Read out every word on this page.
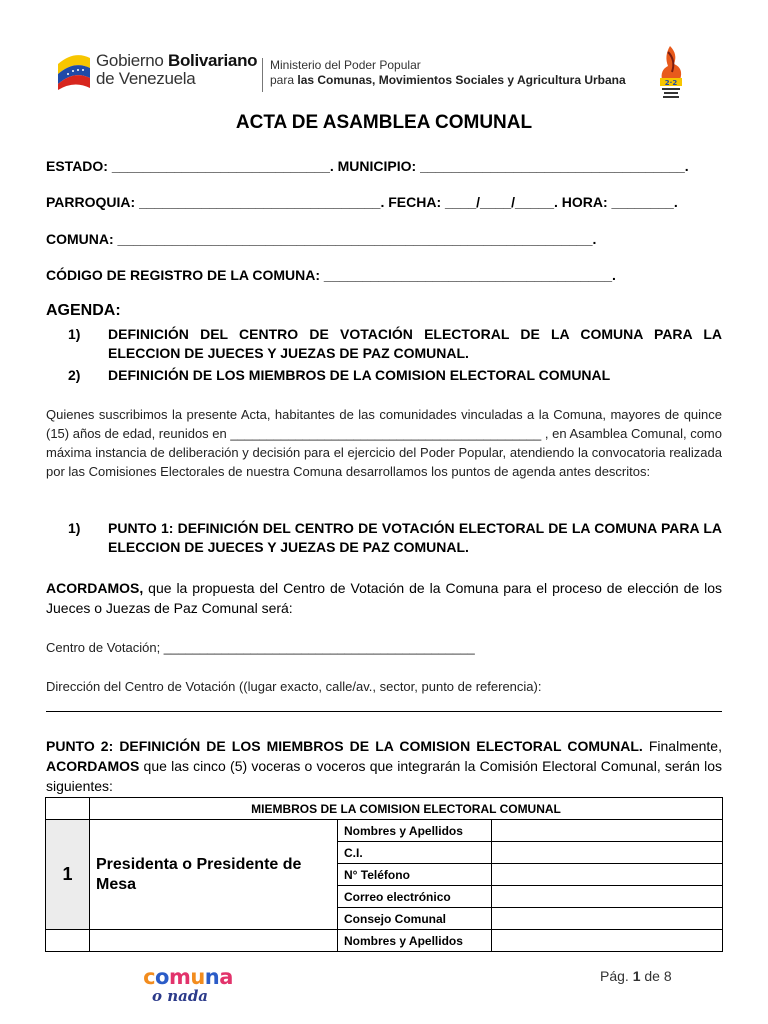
Gobierno Bolivariano
de Venezuela
Ministerio del Poder Popular
para las Comunas, Movimientos Sociales y Agricultura Urbana	2·2
ACTA DE ASAMBLEA COMUNAL
ESTADO: ____________________________. MUNICIPIO: __________________________________.
PARROQUIA: _______________________________. FECHA: ____/____/_____. HORA: ________.
COMUNA: _____________________________________________________________.
CÓDIGO DE REGISTRO DE LA COMUNA: _____________________________________.
AGENDA:
1) DEFINICIÓN DEL CENTRO DE VOTACIÓN ELECTORAL DE LA COMUNA PARA LA ELECCION DE JUECES Y JUEZAS DE PAZ COMUNAL.
2) DEFINICIÓN DE LOS MIEMBROS DE LA COMISION ELECTORAL COMUNAL
Quienes suscribimos la presente Acta, habitantes de las comunidades vinculadas a la Comuna, mayores de quince (15) años de edad, reunidos en ___________________________________________ , en Asamblea Comunal, como máxima instancia de deliberación y decisión para el ejercicio del Poder Popular, atendiendo la convocatoria realizada por las Comisiones Electorales de nuestra Comuna desarrollamos los puntos de agenda antes descritos:
1) PUNTO 1: DEFINICIÓN DEL CENTRO DE VOTACIÓN ELECTORAL DE LA COMUNA PARA LA ELECCION DE JUECES Y JUEZAS DE PAZ COMUNAL.
ACORDAMOS, que la propuesta del Centro de Votación de la Comuna para el proceso de elección de los Jueces o Juezas de Paz Comunal será:
Centro de Votación; ___________________________________________
Dirección del Centro de Votación ((lugar exacto, calle/av., sector, punto de referencia):
PUNTO 2: DEFINICIÓN DE LOS MIEMBROS DE LA COMISION ELECTORAL COMUNAL. Finalmente, ACORDAMOS que las cinco (5) voceras o voceros que integrarán la Comisión Electoral Comunal, serán los siguientes:
	MIEMBROS DE LA COMISION ELECTORAL COMUNAL		
1	Presidenta o Presidente de Mesa	Nombres y Apellidos	
		C.I.	
		N° Teléfono	
		Correo electrónico	
		Consejo Comunal	
		Nombres y Apellidos	
comuna
o nada
Pág. 1 de 8
